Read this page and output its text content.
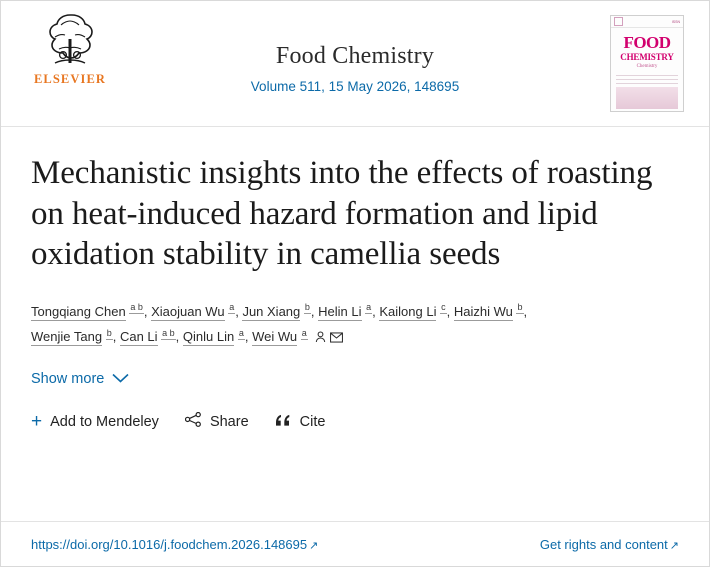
ELSEVIER
Food Chemistry
Volume 511, 15 May 2026, 148695
ISSN
FOOD
CHEMISTRY
Chemistry
Mechanistic insights into the effects of roasting on heat-induced hazard formation and lipid oxidation stability in camellia seeds
Tongqiang Chen $^{a b}$, Xiaojuan Wu $^a$, Jun Xiang $^b$, Helin Li $^a$, Kailong Li $^c$, Haizhi Wu $^b$,
Wenjie Tang $^b$, Can Li $^{a b}$, Qinlu Lin $^a$, Wei Wu $^a$
Show more
+ Add to Mendeley	Share	Cite
https://doi.org/10.1016/j.foodchem.2026.148695 ↗	Get rights and content ↗
